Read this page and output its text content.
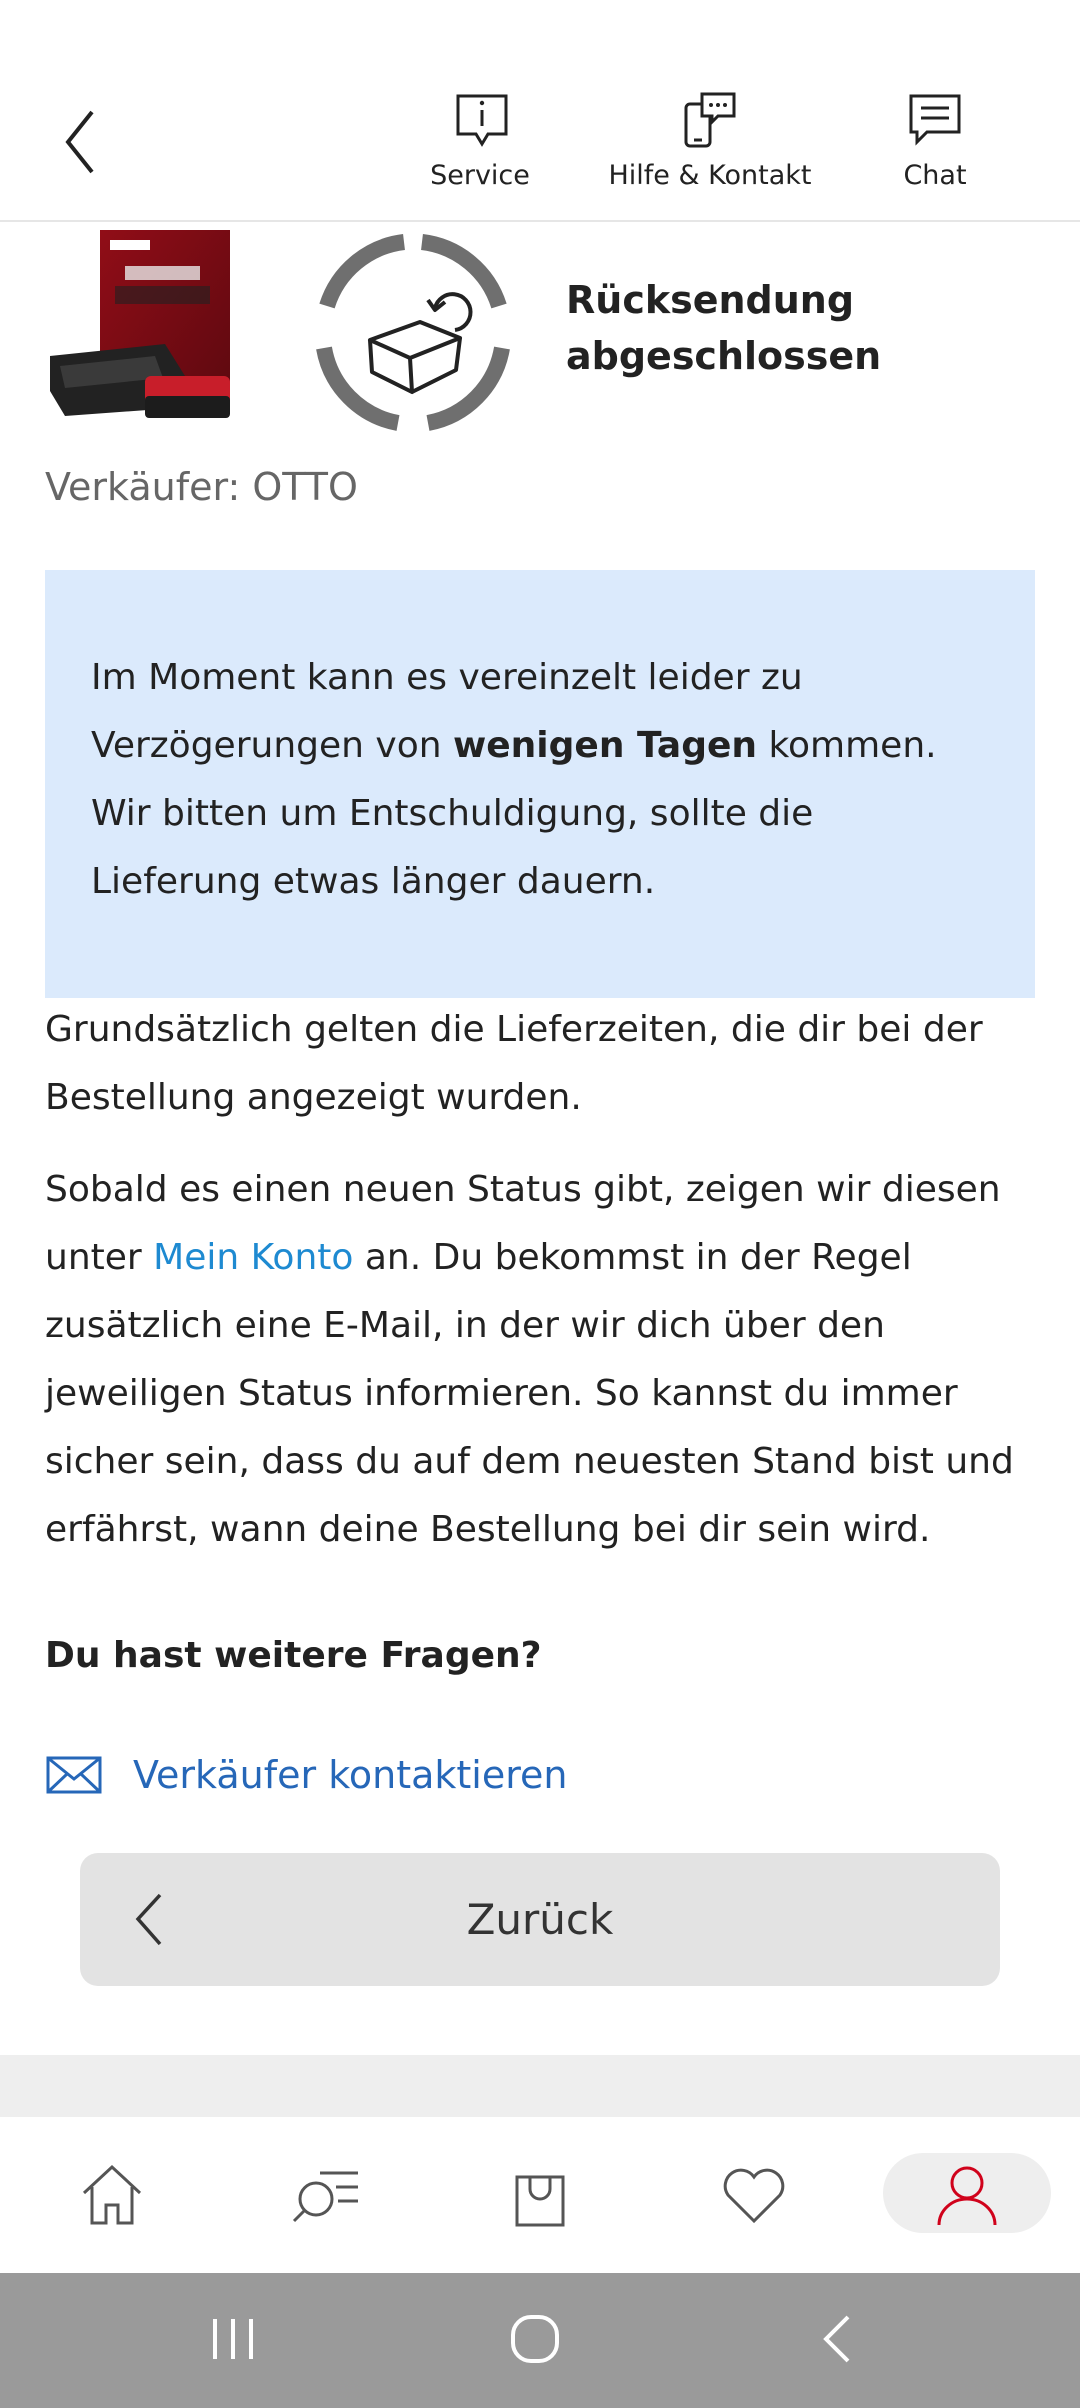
Service	Hilfe & Kontakt	Chat
Rücksendung abgeschlossen
Verkäufer: OTTO
Im Moment kann es vereinzelt leider zu Verzögerungen von wenigen Tagen kommen. Wir bitten um Entschuldigung, sollte die Lieferung etwas länger dauern.
Grundsätzlich gelten die Lieferzeiten, die dir bei der Bestellung angezeigt wurden.
Sobald es einen neuen Status gibt, zeigen wir diesen unter Mein Konto an. Du bekommst in der Regel zusätzlich eine E-Mail, in der wir dich über den jeweiligen Status informieren. So kannst du immer sicher sein, dass du auf dem neuesten Stand bist und erfährst, wann deine Bestellung bei dir sein wird.
Du hast weitere Fragen?
Verkäufer kontaktieren
Zurück
